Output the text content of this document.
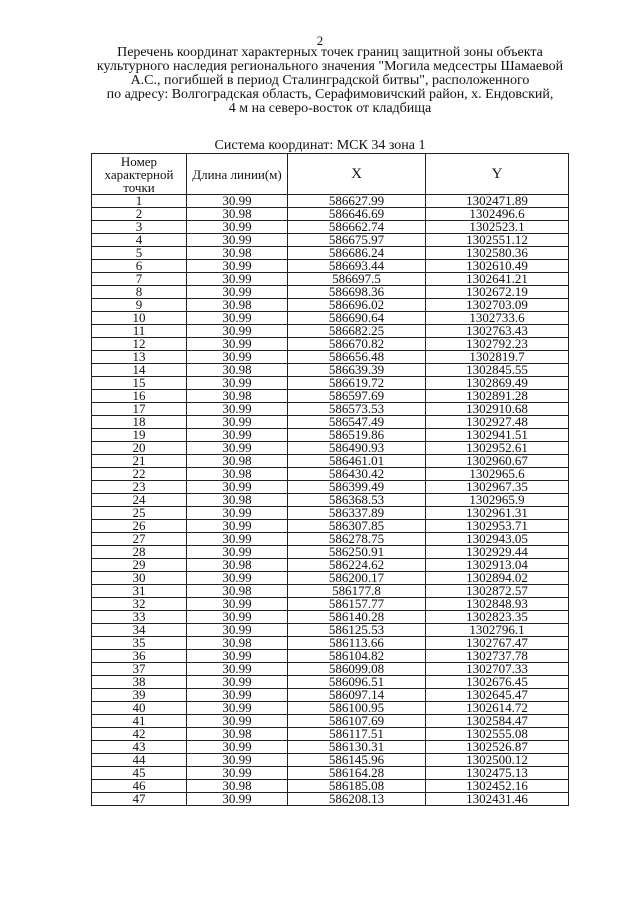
2
Перечень координат характерных точек границ защитной зоны объекта
культурного наследия регионального значения "Могила медсестры Шамаевой
А.С., погибшей в период Сталинградской битвы", расположенного
по адресу: Волгоградская область, Серафимовичский район, х. Ендовский,
4 м на северо-восток от кладбища
Система координат: МСК 34 зона 1
Номер характерной точки	Длина линии(м)	X	Y
1	30.99	586627.99	1302471.89
2	30.98	586646.69	1302496.6
3	30.99	586662.74	1302523.1
4	30.99	586675.97	1302551.12
5	30.98	586686.24	1302580.36
6	30.99	586693.44	1302610.49
7	30.99	586697.5	1302641.21
8	30.99	586698.36	1302672.19
9	30.98	586696.02	1302703.09
10	30.99	586690.64	1302733.6
11	30.99	586682.25	1302763.43
12	30.99	586670.82	1302792.23
13	30.99	586656.48	1302819.7
14	30.98	586639.39	1302845.55
15	30.99	586619.72	1302869.49
16	30.98	586597.69	1302891.28
17	30.99	586573.53	1302910.68
18	30.99	586547.49	1302927.48
19	30.99	586519.86	1302941.51
20	30.99	586490.93	1302952.61
21	30.98	586461.01	1302960.67
22	30.98	586430.42	1302965.6
23	30.99	586399.49	1302967.35
24	30.98	586368.53	1302965.9
25	30.99	586337.89	1302961.31
26	30.99	586307.85	1302953.71
27	30.99	586278.75	1302943.05
28	30.99	586250.91	1302929.44
29	30.98	586224.62	1302913.04
30	30.99	586200.17	1302894.02
31	30.98	586177.8	1302872.57
32	30.99	586157.77	1302848.93
33	30.99	586140.28	1302823.35
34	30.99	586125.53	1302796.1
35	30.98	586113.66	1302767.47
36	30.99	586104.82	1302737.78
37	30.99	586099.08	1302707.33
38	30.99	586096.51	1302676.45
39	30.99	586097.14	1302645.47
40	30.99	586100.95	1302614.72
41	30.99	586107.69	1302584.47
42	30.98	586117.51	1302555.08
43	30.99	586130.31	1302526.87
44	30.99	586145.96	1302500.12
45	30.99	586164.28	1302475.13
46	30.98	586185.08	1302452.16
47	30.99	586208.13	1302431.46
